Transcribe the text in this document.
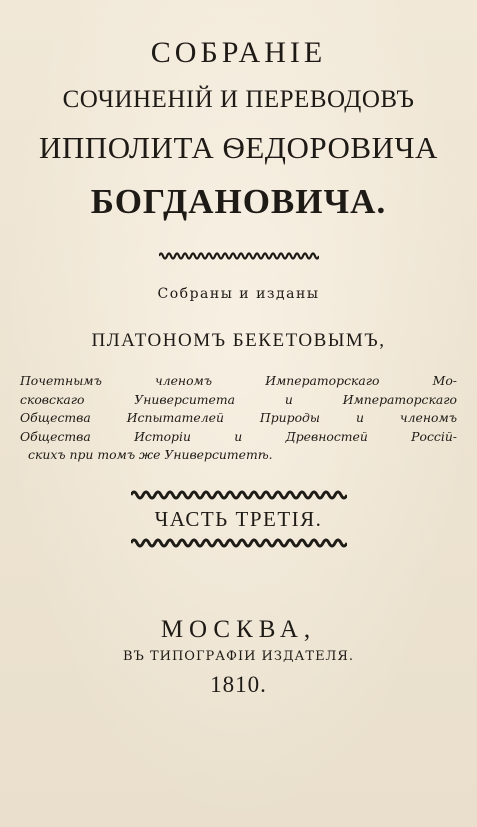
СОБРАНІЕ
СОЧИНЕНІЙ И ПЕРЕВОДОВЪ
ИППОЛИТА ѲЕДОРОВИЧА
БОГДАНОВИЧА.
Собраны и изданы
ПЛАТОНОМЪ БЕКЕТОВЫМЪ,
Почетнымъ членомъ Императорскаго Мо-
сковскаго Университета и Императорскаго
Общества Испытателей Природы и членомъ
Общества Исторіи и Древностей Россій-
скихъ при томъ же Университетѣ.
ЧАСТЬ ТРЕТІЯ.
МОСКВА,
ВЪ ТИПОГРАФІИ ИЗДАТЕЛЯ.
1810.
